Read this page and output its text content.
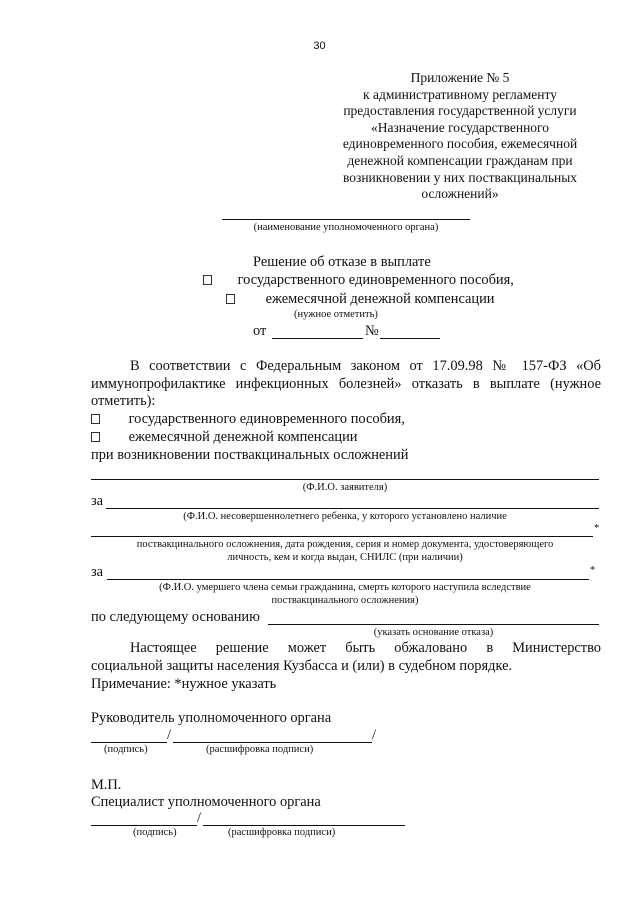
30
Приложение № 5
к административному регламенту
предоставления государственной услуги
«Назначение государственного
единовременного пособия, ежемесячной
денежной компенсации гражданам при
возникновении у них поствакцинальных
осложнений»
(наименование уполномоченного органа)
Решение об отказе в выплате
государственного единовременного пособия,
ежемесячной денежной компенсации
(нужное отметить)
от	№
В соответствии с Федеральным законом от 17.09.98 № 157-ФЗ «Об
иммунопрофилактике инфекционных болезней» отказать в выплате (нужное
отметить):
государственного единовременного пособия,
ежемесячной денежной компенсации
при возникновении поствакцинальных осложнений
(Ф.И.О. заявителя)
за
(Ф.И.О. несовершеннолетнего ребенка, у которого установлено наличие
*
поствакцинального осложнения, дата рождения, серия и номер документа, удостоверяющего
личность, кем и когда выдан, СНИЛС (при наличии)
за	*
(Ф.И.О. умершего члена семьи гражданина, смерть которого наступила вследствие
поствакцинального осложнения)
по следующему основанию
(указать основание отказа)
Настоящее решение может быть обжаловано в Министерство
социальной защиты населения Кузбасса и (или) в судебном порядке.
Примечание: *нужное указать
Руководитель уполномоченного органа
/	/
(подпись)	(расшифровка подписи)
М.П.
Специалист уполномоченного органа
/
(подпись)	(расшифровка подписи)
